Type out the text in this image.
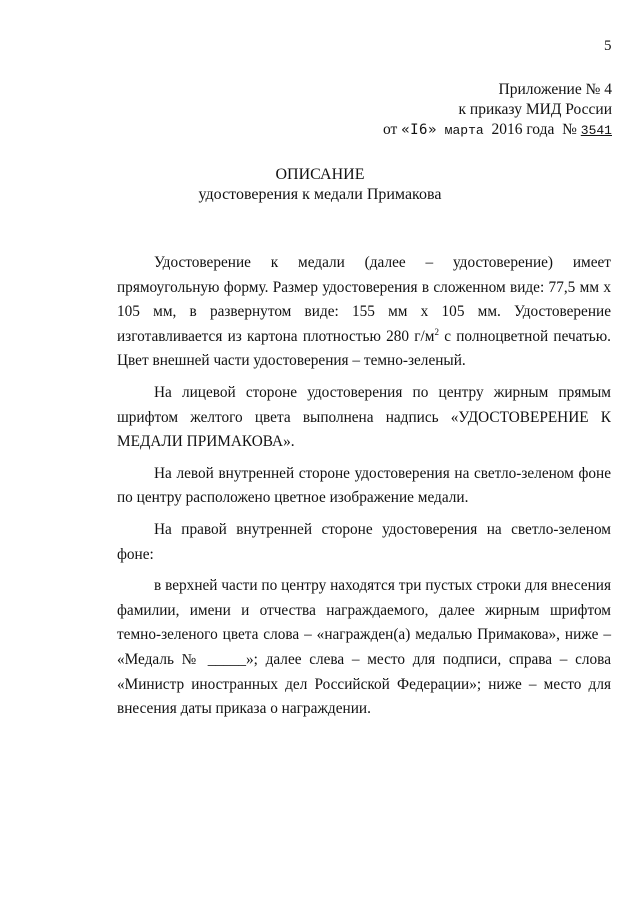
5
Приложение № 4
к приказу МИД России
от «I6» марта 2016 года № 3541
ОПИСАНИЕ
удостоверения к медали Примакова

Удостоверение к медали (далее – удостоверение) имеет прямоугольную форму. Размер удостоверения в сложенном виде: 77,5 мм x 105 мм, в развернутом виде: 155 мм x 105 мм. Удостоверение изготавливается из картона плотностью 280 $г/м^2$ с полноцветной печатью. Цвет внешней части удостоверения – темно-зеленый.

На лицевой стороне удостоверения по центру жирным прямым шрифтом желтого цвета выполнена надпись «УДОСТОВЕРЕНИЕ К МЕДАЛИ ПРИМАКОВА».

На левой внутренней стороне удостоверения на светло-зеленом фоне по центру расположено цветное изображение медали.

На правой внутренней стороне удостоверения на светло-зеленом фоне:

в верхней части по центру находятся три пустых строки для внесения фамилии, имени и отчества награждаемого, далее жирным шрифтом темно-зеленого цвета слова – «награжден(а) медалью Примакова», ниже – «Медаль № _____»; далее слева – место для подписи, справа – слова «Министр иностранных дел Российской Федерации»; ниже – место для внесения даты приказа о награждении.
